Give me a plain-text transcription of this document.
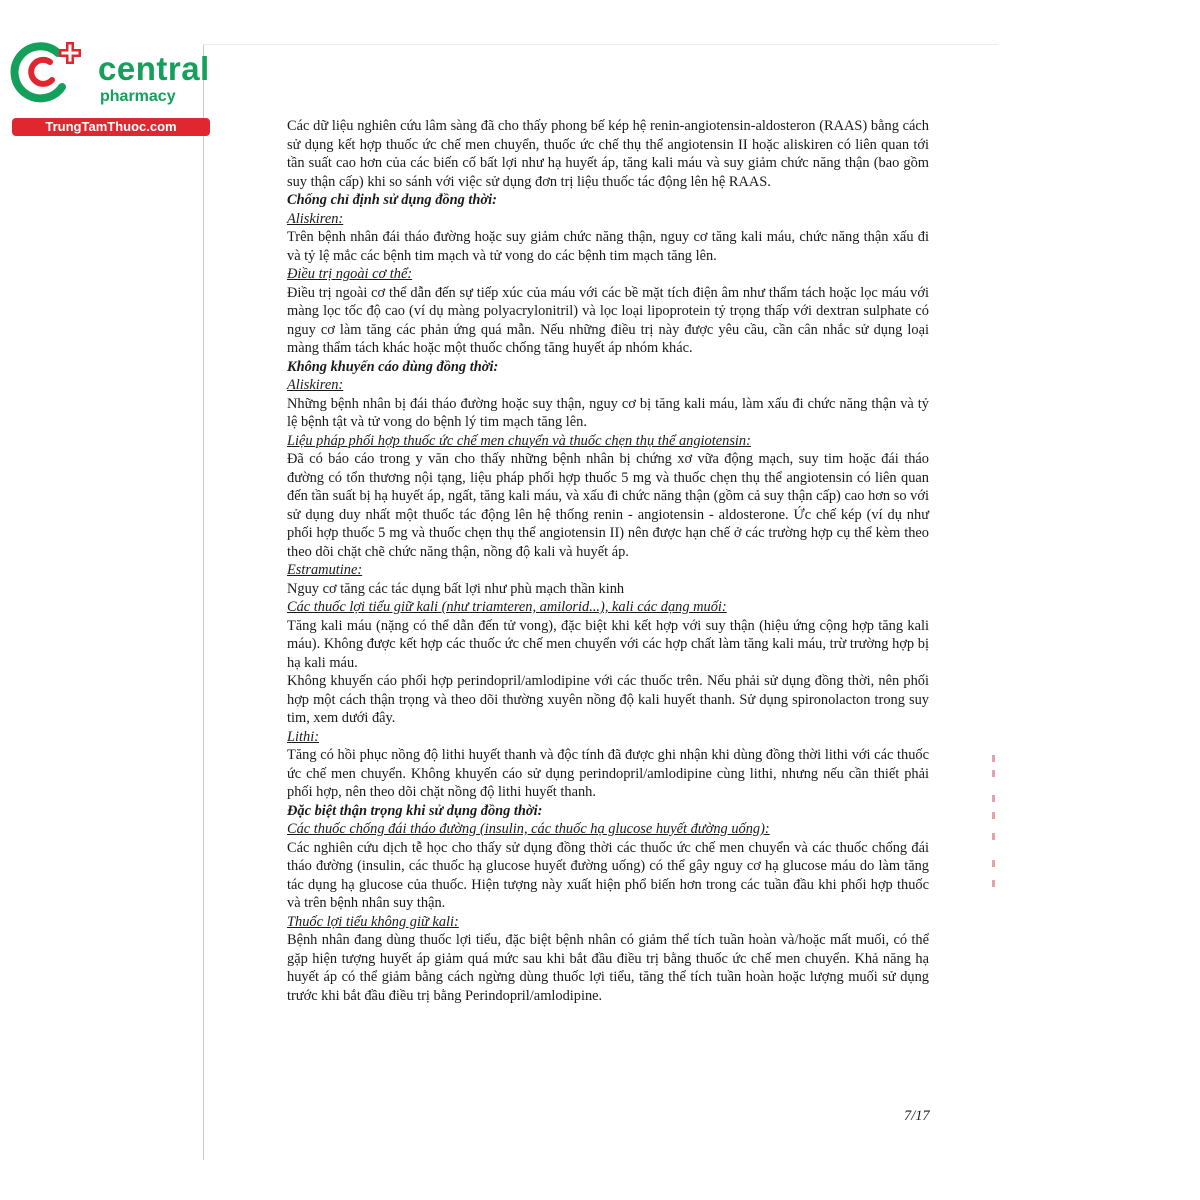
central
pharmacy
TrungTamThuoc.com	Các dữ liệu nghiên cứu lâm sàng đã cho thấy phong bế kép hệ renin-angiotensin-aldosteron (RAAS) bằng cách sử dụng kết hợp thuốc ức chế men chuyển, thuốc ức chế thụ thể angiotensin II hoặc aliskiren có liên quan tới tần suất cao hơn của các biến cố bất lợi như hạ huyết áp, tăng kali máu và suy giảm chức năng thận (bao gồm suy thận cấp) khi so sánh với việc sử dụng đơn trị liệu thuốc tác động lên hệ RAAS.

Chống chỉ định sử dụng đồng thời:

Aliskiren:

Trên bệnh nhân đái tháo đường hoặc suy giảm chức năng thận, nguy cơ tăng kali máu, chức năng thận xấu đi và tỷ lệ mắc các bệnh tim mạch và tử vong do các bệnh tim mạch tăng lên.

Điều trị ngoài cơ thể:

Điều trị ngoài cơ thể dẫn đến sự tiếp xúc của máu với các bề mặt tích điện âm như thẩm tách hoặc lọc máu với màng lọc tốc độ cao (ví dụ màng polyacrylonitril) và lọc loại lipoprotein tỷ trọng thấp với dextran sulphate có nguy cơ làm tăng các phản ứng quá mẫn. Nếu những điều trị này được yêu cầu, cần cân nhắc sử dụng loại màng thẩm tách khác hoặc một thuốc chống tăng huyết áp nhóm khác.

Không khuyến cáo dùng đồng thời:

Aliskiren:

Những bệnh nhân bị đái tháo đường hoặc suy thận, nguy cơ bị tăng kali máu, làm xấu đi chức năng thận và tỷ lệ bệnh tật và tử vong do bệnh lý tim mạch tăng lên.

Liệu pháp phối hợp thuốc ức chế men chuyển và thuốc chẹn thụ thể angiotensin:

Đã có báo cáo trong y văn cho thấy những bệnh nhân bị chứng xơ vữa động mạch, suy tim hoặc đái tháo đường có tổn thương nội tạng, liệu pháp phối hợp thuốc 5 mg và thuốc chẹn thụ thể angiotensin có liên quan đến tần suất bị hạ huyết áp, ngất, tăng kali máu, và xấu đi chức năng thận (gồm cả suy thận cấp) cao hơn so với sử dụng duy nhất một thuốc tác động lên hệ thống renin - angiotensin - aldosterone. Ức chế kép (ví dụ như phối hợp thuốc 5 mg và thuốc chẹn thụ thể angiotensin II) nên được hạn chế ở các trường hợp cụ thể kèm theo theo dõi chặt chẽ chức năng thận, nồng độ kali và huyết áp.

Estramutine:

Nguy cơ tăng các tác dụng bất lợi như phù mạch thần kinh

Các thuốc lợi tiểu giữ kali (như triamteren, amilorid...), kali các dạng muối:

Tăng kali máu (nặng có thể dẫn đến tử vong), đặc biệt khi kết hợp với suy thận (hiệu ứng cộng hợp tăng kali máu). Không được kết hợp các thuốc ức chế men chuyển với các hợp chất làm tăng kali máu, trừ trường hợp bị hạ kali máu.

Không khuyến cáo phối hợp perindopril/amlodipine với các thuốc trên. Nếu phải sử dụng đồng thời, nên phối hợp một cách thận trọng và theo dõi thường xuyên nồng độ kali huyết thanh. Sử dụng spironolacton trong suy tim, xem dưới đây.

Lithi:

Tăng có hồi phục nồng độ lithi huyết thanh và độc tính đã được ghi nhận khi dùng đồng thời lithi với các thuốc ức chế men chuyển. Không khuyến cáo sử dụng perindopril/amlodipine cùng lithi, nhưng nếu cần thiết phải phối hợp, nên theo dõi chặt nồng độ lithi huyết thanh.

Đặc biệt thận trọng khi sử dụng đồng thời:

Các thuốc chống đái tháo đường (insulin, các thuốc hạ glucose huyết đường uống):

Các nghiên cứu dịch tễ học cho thấy sử dụng đồng thời các thuốc ức chế men chuyển và các thuốc chống đái tháo đường (insulin, các thuốc hạ glucose huyết đường uống) có thể gây nguy cơ hạ glucose máu do làm tăng tác dụng hạ glucose của thuốc. Hiện tượng này xuất hiện phổ biến hơn trong các tuần đầu khi phối hợp thuốc và trên bệnh nhân suy thận.

Thuốc lợi tiểu không giữ kali:

Bệnh nhân đang dùng thuốc lợi tiểu, đặc biệt bệnh nhân có giảm thể tích tuần hoàn và/hoặc mất muối, có thể gặp hiện tượng huyết áp giảm quá mức sau khi bắt đầu điều trị bằng thuốc ức chế men chuyển. Khả năng hạ huyết áp có thể giảm bằng cách ngừng dùng thuốc lợi tiểu, tăng thể tích tuần hoàn hoặc lượng muối sử dụng trước khi bắt đầu điều trị bằng Perindopril/amlodipine.

7/17
